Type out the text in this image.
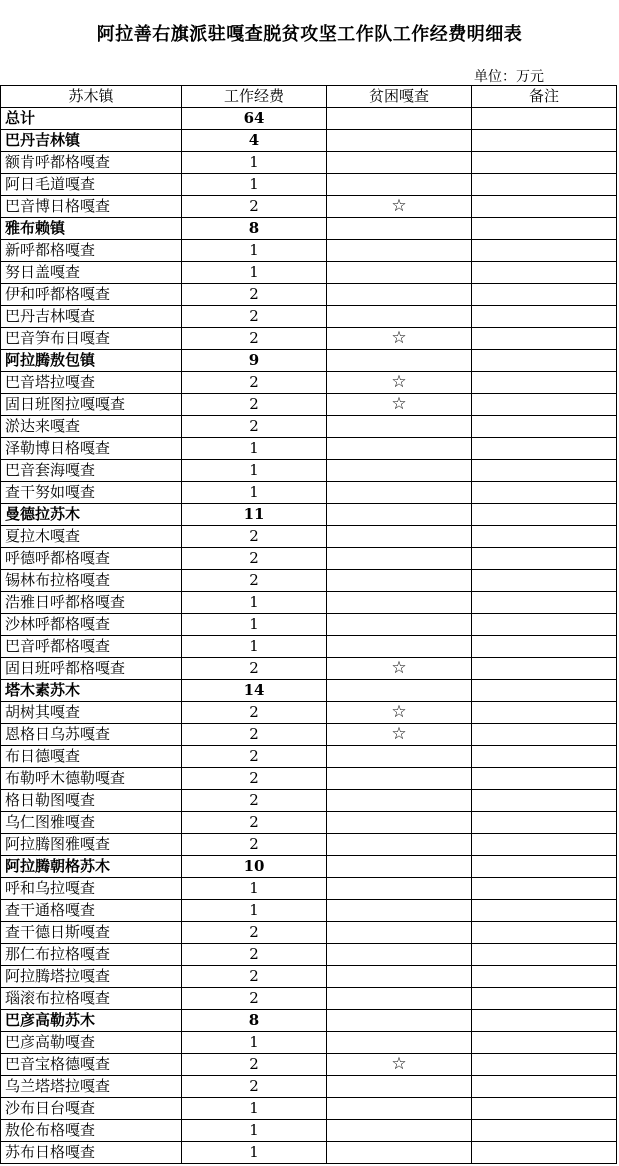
阿拉善右旗派驻嘎查脱贫攻坚工作队工作经费明细表
单位：万元
苏木镇	工作经费	贫困嘎查	备注
总计	64		
巴丹吉林镇	4		
额肯呼都格嘎查	1		
阿日毛道嘎查	1		
巴音博日格嘎查	2	☆	
雅布赖镇	8		
新呼都格嘎查	1		
努日盖嘎查	1		
伊和呼都格嘎查	2		
巴丹吉林嘎查	2		
巴音笋布日嘎查	2	☆	
阿拉腾敖包镇	9		
巴音塔拉嘎查	2	☆	
固日班图拉嘎嘎查	2	☆	
淤达来嘎查	2		
泽勒博日格嘎查	1		
巴音套海嘎查	1		
查干努如嘎查	1		
曼德拉苏木	11		
夏拉木嘎查	2		
呼德呼都格嘎查	2		
锡林布拉格嘎查	2		
浩雅日呼都格嘎查	1		
沙林呼都格嘎查	1		
巴音呼都格嘎查	1		
固日班呼都格嘎查	2	☆	
塔木素苏木	14		
胡树其嘎查	2	☆	
恩格日乌苏嘎查	2	☆	
布日德嘎查	2		
布勒呼木德勒嘎查	2		
格日勒图嘎查	2		
乌仁图雅嘎查	2		
阿拉腾图雅嘎查	2		
阿拉腾朝格苏木	10		
呼和乌拉嘎查	1		
查干通格嘎查	1		
查干德日斯嘎查	2		
那仁布拉格嘎查	2		
阿拉腾塔拉嘎查	2		
瑙滚布拉格嘎查	2		
巴彦高勒苏木	8		
巴彦高勒嘎查	1		
巴音宝格德嘎查	2	☆	
乌兰塔塔拉嘎查	2		
沙布日台嘎查	1		
敖伦布格嘎查	1		
苏布日格嘎查	1		
